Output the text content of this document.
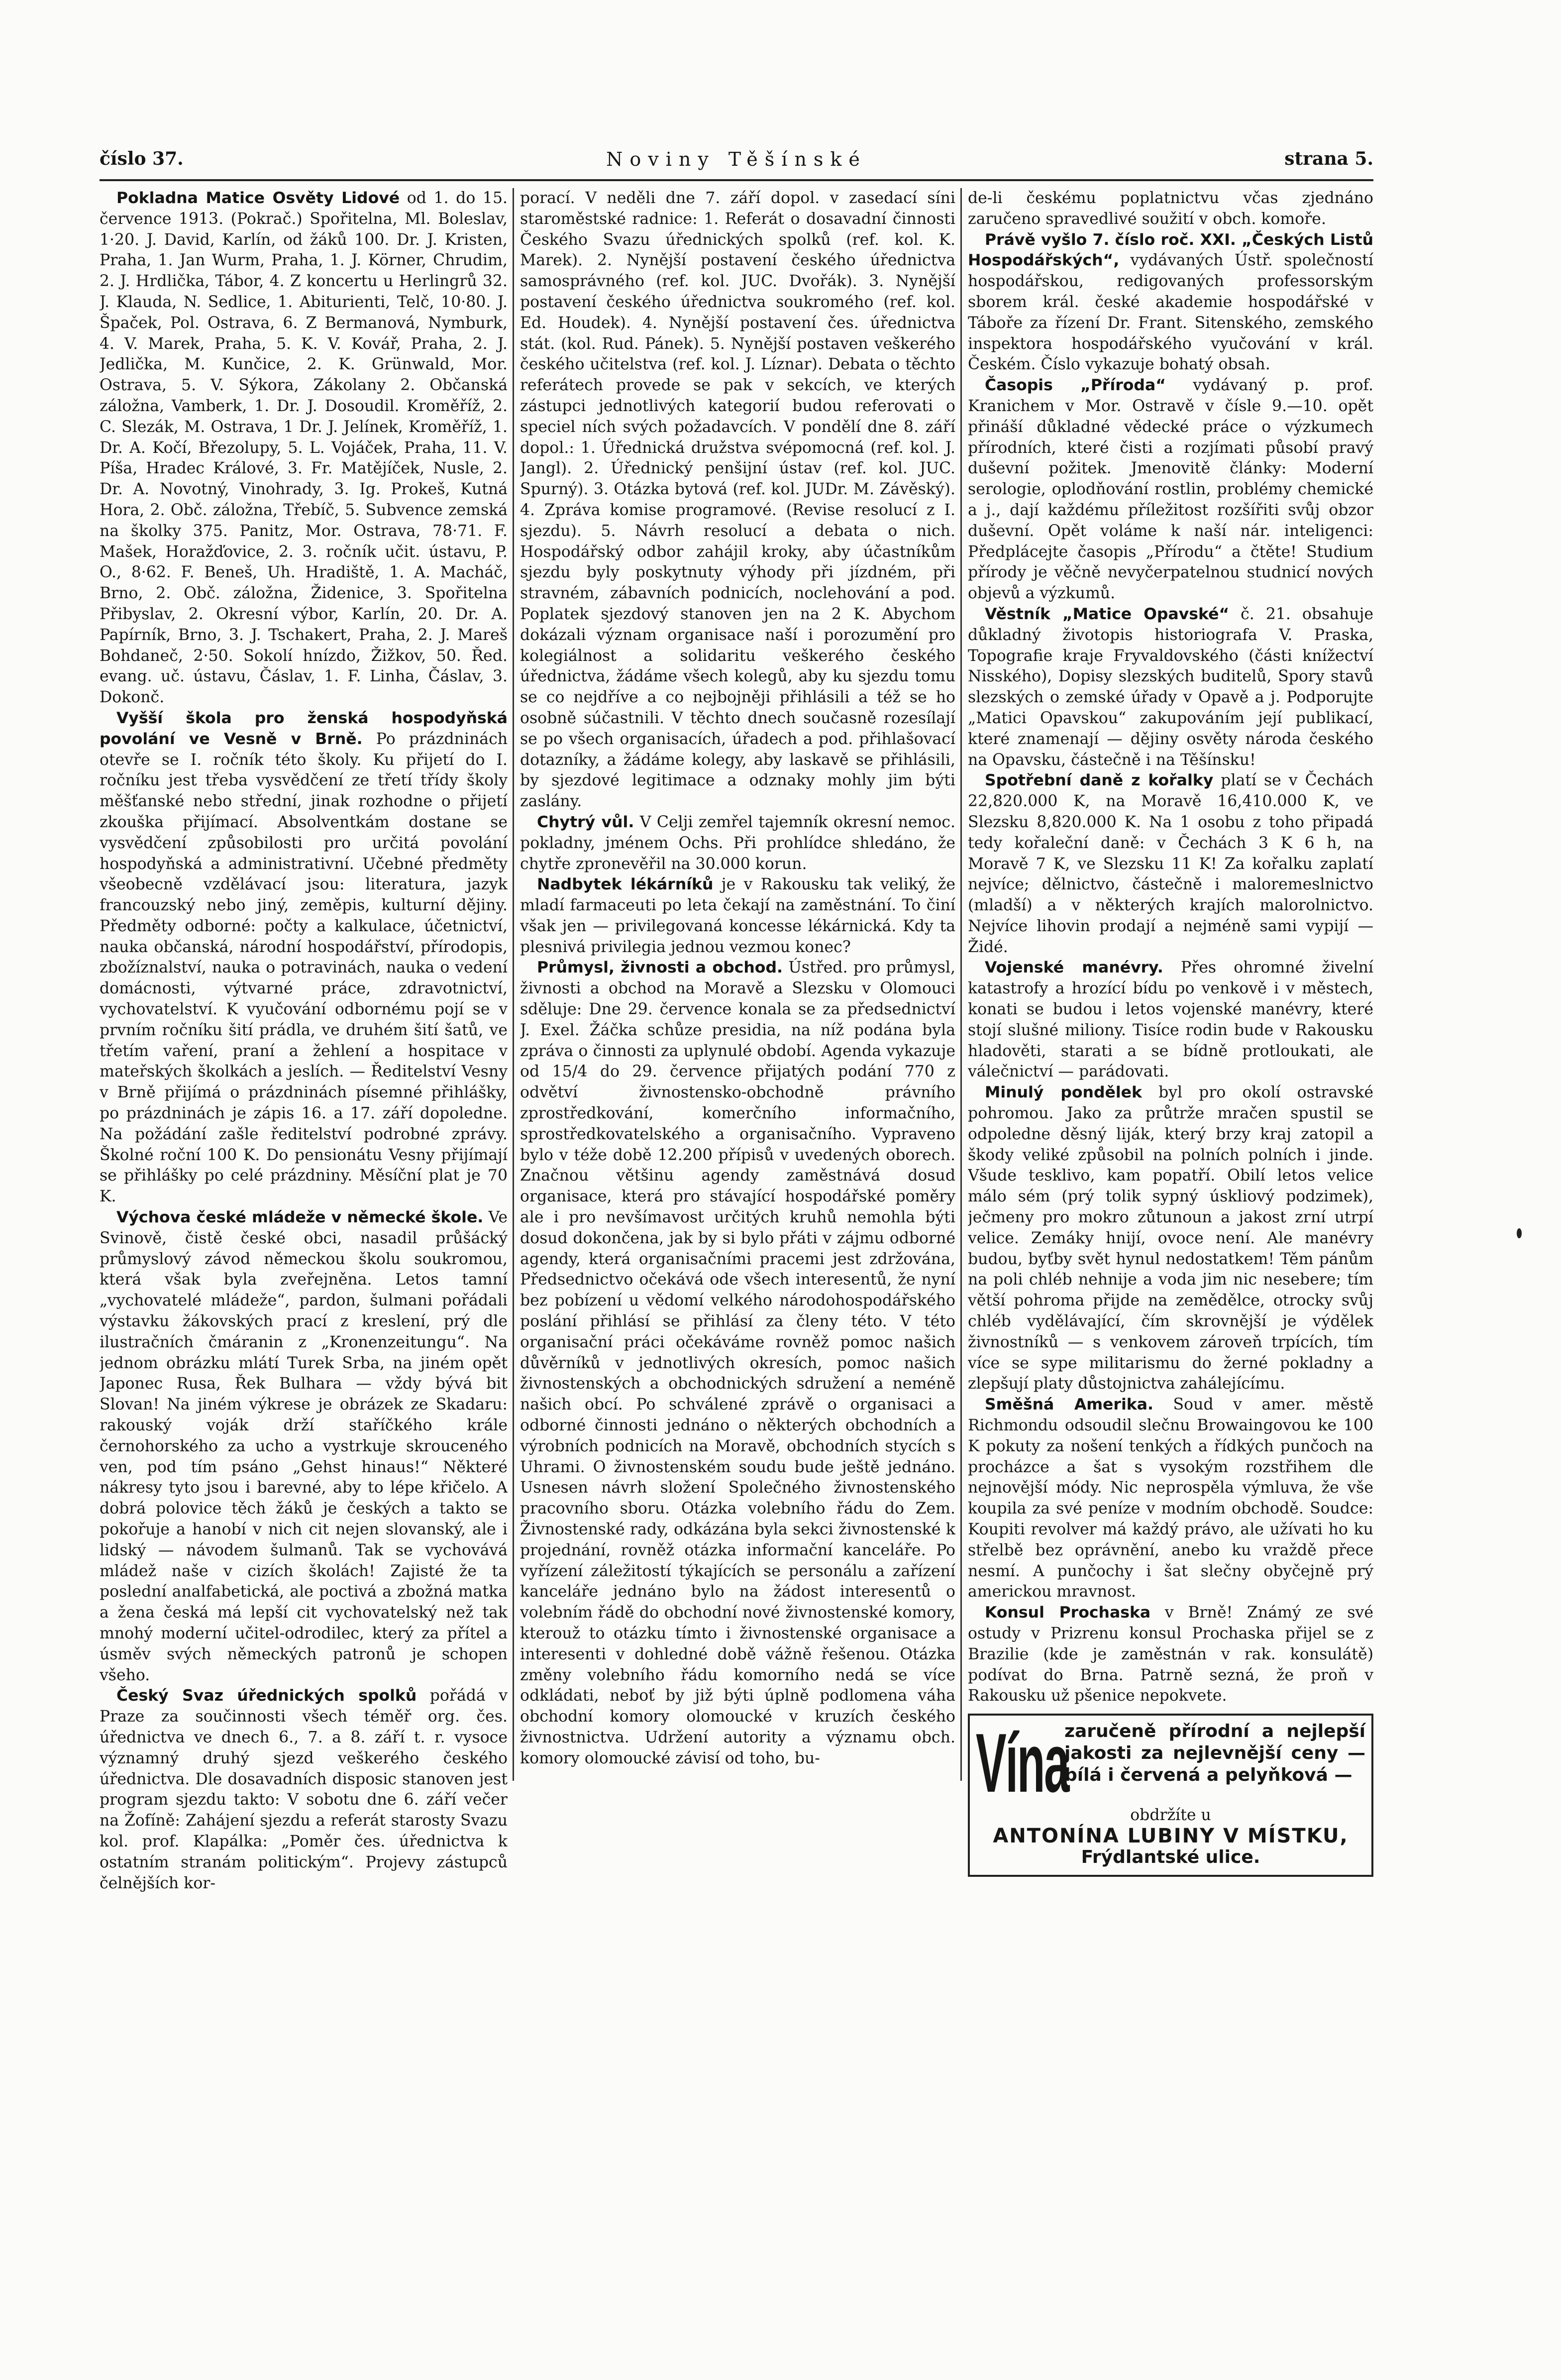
číslo 37.	Noviny Těšínské	strana 5.

Pokladna Matice Osvěty Lidové od 1. do 15. července 1913. (Pokrač.) Spořitelna, Ml. Boleslav, 1·20. J. David, Karlín, od žáků 100. Dr. J. Kristen, Praha, 1. Jan Wurm, Praha, 1. J. Körner, Chrudim, 2. J. Hrdlička, Tábor, 4. Z koncertu u Herlingrů 32. J. Klauda, N. Sedlice, 1. Abiturienti, Telč, 10·80. J. Špaček, Pol. Ostrava, 6. Z Bermanová, Nymburk, 4. V. Marek, Praha, 5. K. V. Kovář, Praha, 2. J. Jedlička, M. Kunčice, 2. K. Grünwald, Mor. Ostrava, 5. V. Sýkora, Zákolany 2. Občanská záložna, Vamberk, 1. Dr. J. Dosoudil. Kroměříž, 2. C. Slezák, M. Ostrava, 1 Dr. J. Jelínek, Kroměříž, 1. Dr. A. Kočí, Březolupy, 5. L. Vojáček, Praha, 11. V. Píša, Hradec Králové, 3. Fr. Matějíček, Nusle, 2. Dr. A. Novotný, Vinohrady, 3. Ig. Prokeš, Kutná Hora, 2. Obč. záložna, Třebíč, 5. Subvence zemská na školky 375. Panitz, Mor. Ostrava, 78·71. F. Mašek, Horažďovice, 2. 3. ročník učit. ústavu, P. O., 8·62. F. Beneš, Uh. Hradiště, 1. A. Macháč, Brno, 2. Obč. záložna, Židenice, 3. Spořitelna Přibyslav, 2. Okresní výbor, Karlín, 20. Dr. A. Papírník, Brno, 3. J. Tschakert, Praha, 2. J. Mareš Bohdaneč, 2·50. Sokolí hnízdo, Žižkov, 50. Řed. evang. uč. ústavu, Čáslav, 1. F. Linha, Čáslav, 3. Dokonč.

Vyšší škola pro ženská hospodyňská povolání ve Vesně v Brně. Po prázdninách otevře se I. ročník této školy. Ku přijetí do I. ročníku jest třeba vysvědčení ze třetí třídy školy měšťanské nebo střední, jinak rozhodne o přijetí zkouška přijímací. Absolventkám dostane se vysvědčení způsobilosti pro určitá povolání hospodyňská a administrativní. Učebné předměty všeobecně vzdělávací jsou: literatura, jazyk francouzský nebo jiný, zeměpis, kulturní dějiny. Předměty odborné: počty a kalkulace, účetnictví, nauka občanská, národní hospodářství, přírodopis, zbožíznalství, nauka o potravinách, nauka o vedení domácnosti, výtvarné práce, zdravotnictví, vychovatelství. K vyučování odbornému pojí se v prvním ročníku šití prádla, ve druhém šití šatů, ve třetím vaření, praní a žehlení a hospitace v mateřských školkách a jeslích. — Ředitelství Vesny v Brně přijímá o prázdninách písemné přihlášky, po prázdninách je zápis 16. a 17. září dopoledne. Na požádání zašle ředitelství podrobné zprávy. Školné roční 100 K. Do pensionátu Vesny přijímají se přihlášky po celé prázdniny. Měsíční plat je 70 K.

Výchova české mládeže v německé škole. Ve Svinově, čistě české obci, nasadil průšácký průmyslový závod německou školu soukromou, která však byla zveřejněna. Letos tamní „vychovatelé mládeže“, pardon, šulmani pořádali výstavku žákovských prací z kreslení, prý dle ilustračních čmáranin z „Kronenzeitungu“. Na jednom obrázku mlátí Turek Srba, na jiném opět Japonec Rusa, Řek Bulhara — vždy bývá bit Slovan! Na jiném výkrese je obrázek ze Skadaru: rakouský voják drží staříčkého krále černohorského za ucho a vystrkuje skrouceného ven, pod tím psáno „Gehst hinaus!“ Některé nákresy tyto jsou i barevné, aby to lépe křičelo. A dobrá polovice těch žáků je českých a takto se pokořuje a hanobí v nich cit nejen slovanský, ale i lidský — návodem šulmanů. Tak se vychovává mládež naše v cizích školách! Zajisté že ta poslední analfabetická, ale poctivá a zbožná matka a žena česká má lepší cit vychovatelský než tak mnohý moderní učitel-odrodilec, který za přítel a úsměv svých německých patronů je schopen všeho.

Český Svaz úřednických spolků pořádá v Praze za součinnosti všech téměř org. čes. úřednictva ve dnech 6., 7. a 8. září t. r. vysoce významný druhý sjezd veškerého českého úřednictva. Dle dosavadních disposic stanoven jest program sjezdu takto: V sobotu dne 6. září večer na Žofíně: Zahájení sjezdu a referát starosty Svazu kol. prof. Klapálka: „Poměr čes. úřednictva k ostatním stranám politickým“. Projevy zástupců čelnějších kor-

porací. V neděli dne 7. září dopol. v zasedací síni staroměstské radnice: 1. Referát o dosavadní činnosti Českého Svazu úřednických spolků (ref. kol. K. Marek). 2. Nynější postavení českého úřednictva samosprávného (ref. kol. JUC. Dvořák). 3. Nynější postavení českého úřednictva soukromého (ref. kol. Ed. Houdek). 4. Nynější postavení čes. úřednictva stát. (kol. Rud. Pánek). 5. Nynější postaven veškerého českého učitelstva (ref. kol. J. Líznar). Debata o těchto referátech provede se pak v sekcích, ve kterých zástupci jednotlivých kategorií budou referovati o speciel ních svých požadavcích. V pondělí dne 8. září dopol.: 1. Úřednická družstva svépomocná (ref. kol. J. Jangl). 2. Úřednický penšijní ústav (ref. kol. JUC. Spurný). 3. Otázka bytová (ref. kol. JUDr. M. Závěský). 4. Zpráva komise programové. (Revise resolucí z I. sjezdu). 5. Návrh resolucí a debata o nich. Hospodářský odbor zahájil kroky, aby účastníkům sjezdu byly poskytnuty výhody při jízdném, při stravném, zábavních podnicích, noclehování a pod. Poplatek sjezdový stanoven jen na 2 K. Abychom dokázali význam organisace naší i porozumění pro kolegiálnost a solidaritu veškerého českého úřednictva, žádáme všech kolegů, aby ku sjezdu tomu se co nejdříve a co nejbojněji přihlásili a též se ho osobně súčastnili. V těchto dnech současně rozesílají se po všech organisacích, úřadech a pod. přihlašovací dotazníky, a žádáme kolegy, aby laskavě se přihlásili, by sjezdové legitimace a odznaky mohly jim býti zaslány.

Chytrý vůl. V Celji zemřel tajemník okresní nemoc. pokladny, jménem Ochs. Při prohlídce shledáno, že chytře zpronevěřil na 30.000 korun.

Nadbytek lékárníků je v Rakousku tak veliký, že mladí farmaceuti po leta čekají na zaměstnání. To činí však jen — privilegovaná koncesse lékárnická. Kdy ta plesnivá privilegia jednou vezmou konec?

Průmysl, živnosti a obchod. Ústřed. pro průmysl, živnosti a obchod na Moravě a Slezsku v Olomouci sděluje: Dne 29. července konala se za předsednictví J. Exel. Žáčka schůze presidia, na níž podána byla zpráva o činnosti za uplynulé období. Agenda vykazuje od 15/4 do 29. července přijatých podání 770 z odvětví živnostensko-obchodně právního zprostředkování, komerčního informačního, sprostředkovatelského a organisačního. Vypraveno bylo v téže době 12.200 přípisů v uvedených oborech. Značnou většinu agendy zaměstnává dosud organisace, která pro stávající hospodářské poměry ale i pro nevšímavost určitých kruhů nemohla býti dosud dokončena, jak by si bylo přáti v zájmu odborné agendy, která organisačními pracemi jest zdržována, Předsednictvo očekává ode všech interesentů, že nyní bez pobízení u vědomí velkého národohospodářského poslání přihlásí se přihlásí za členy této. V této organisační práci očekáváme rovněž pomoc našich důvěrníků v jednotlivých okresích, pomoc našich živnostenských a obchodnických sdružení a neméně našich obcí. Po schválené zprávě o organisaci a odborné činnosti jednáno o některých obchodních a výrobních podnicích na Moravě, obchodních stycích s Uhrami. O živnostenském soudu bude ještě jednáno. Usnesen návrh složení Společného živnostenského pracovního sboru. Otázka volebního řádu do Zem. Živnostenské rady, odkázána byla sekci živnostenské k projednání, rovněž otázka informační kanceláře. Po vyřízení záležitostí týkajících se personálu a zařízení kanceláře jednáno bylo na žádost interesentů o volebním řádě do obchodní nové živnostenské komory, kterouž to otázku tímto i živnostenské organisace a interesenti v dohledné době vážně řešenou. Otázka změny volebního řádu komorního nedá se více odkládati, neboť by již býti úplně podlomena váha obchodní komory olomoucké v kruzích českého živnostnictva. Udržení autority a významu obch. komory olomoucké závisí od toho, bu-

de-li českému poplatnictvu včas zjednáno zaručeno spravedlivé soužití v obch. komoře.

Právě vyšlo 7. číslo roč. XXI. „Českých Listů Hospodářských“, vydávaných Ústř. společností hospodářskou, redigovaných professorským sborem král. české akademie hospodářské v Táboře za řízení Dr. Frant. Sitenského, zemského inspektora hospodářského vyučování v král. Českém. Číslo vykazuje bohatý obsah.

Časopis „Příroda“ vydávaný p. prof. Kranichem v Mor. Ostravě v čísle 9.—10. opět přináší důkladné vědecké práce o výzkumech přírodních, které čisti a rozjímati působí pravý duševní požitek. Jmenovitě články: Moderní serologie, oplodňování rostlin, problémy chemické a j., dají každému příležitost rozšířiti svůj obzor duševní. Opět voláme k naší nár. inteligenci: Předplácejte časopis „Přírodu“ a čtěte! Studium přírody je věčně nevyčerpatelnou studnicí nových objevů a výzkumů.

Věstník „Matice Opavské“ č. 21. obsahuje důkladný životopis historiografa V. Praska, Topografie kraje Fryvaldovského (části knížectví Nisského), Dopisy slezských buditelů, Spory stavů slezských o zemské úřady v Opavě a j. Podporujte „Matici Opavskou“ zakupováním její publikací, které znamenají — dějiny osvěty národa českého na Opavsku, částečně i na Těšínsku!

Spotřební daně z kořalky platí se v Čechách 22,820.000 K, na Moravě 16,410.000 K, ve Slezsku 8,820.000 K. Na 1 osobu z toho připadá tedy kořaleční daně: v Čechách 3 K 6 h, na Moravě 7 K, ve Slezsku 11 K! Za kořalku zaplatí nejvíce; dělnictvo, částečně i maloremeslnictvo (mladší) a v některých krajích malorolnictvo. Nejvíce lihovin prodají a nejméně sami vypijí — Židé.

Vojenské manévry. Přes ohromné živelní katastrofy a hrozící bídu po venkově i v městech, konati se budou i letos vojenské manévry, které stojí slušné miliony. Tisíce rodin bude v Rakousku hladověti, starati a se bídně protloukati, ale válečnictví — parádovati.

Minulý pondělek byl pro okolí ostravské pohromou. Jako za průtrže mračen spustil se odpoledne děsný liják, který brzy kraj zatopil a škody veliké způsobil na polních polních i jinde. Všude tesklivo, kam popatří. Obilí letos velice málo sém (prý tolik sypný úskliový podzimek), ječmeny pro mokro zůtunoun a jakost zrní utrpí velice. Zemáky hnijí, ovoce není. Ale manévry budou, byťby svět hynul nedostatkem! Těm pánům na poli chléb nehnije a voda jim nic nesebere; tím větší pohroma přijde na zemědělce, otrocky svůj chléb vydělávající, čím skrovnější je výdělek živnostníků — s venkovem zároveň trpících, tím více se sype militarismu do žerné pokladny a zlepšují platy důstojnictva zahálejícímu.

Směšná Amerika. Soud v amer. městě Richmondu odsoudil slečnu Browaingovou ke 100 K pokuty za nošení tenkých a řídkých punčoch na procházce a šat s vysokým rozstřihem dle nejnovější módy. Nic neprospěla výmluva, že vše koupila za své peníze v modním obchodě. Soudce: Koupiti revolver má každý právo, ale užívati ho ku střelbě bez oprávnění, anebo ku vraždě přece nesmí. A punčochy i šat slečny obyčejně prý americkou mravnost.

Konsul Prochaska v Brně! Známý ze své ostudy v Prizrenu konsul Prochaska přijel se z Brazilie (kde je zaměstnán v rak. konsulátě) podívat do Brna. Patrně sezná, že proň v Rakousku už pšenice nepokvete.

Vína
zaručeně přírodní a nejlepší jakosti za nejlevnější ceny — bílá i červená a pelyňková —
obdržíte u
ANTONÍNA LUBINY V MÍSTKU,
Frýdlantské ulice.
